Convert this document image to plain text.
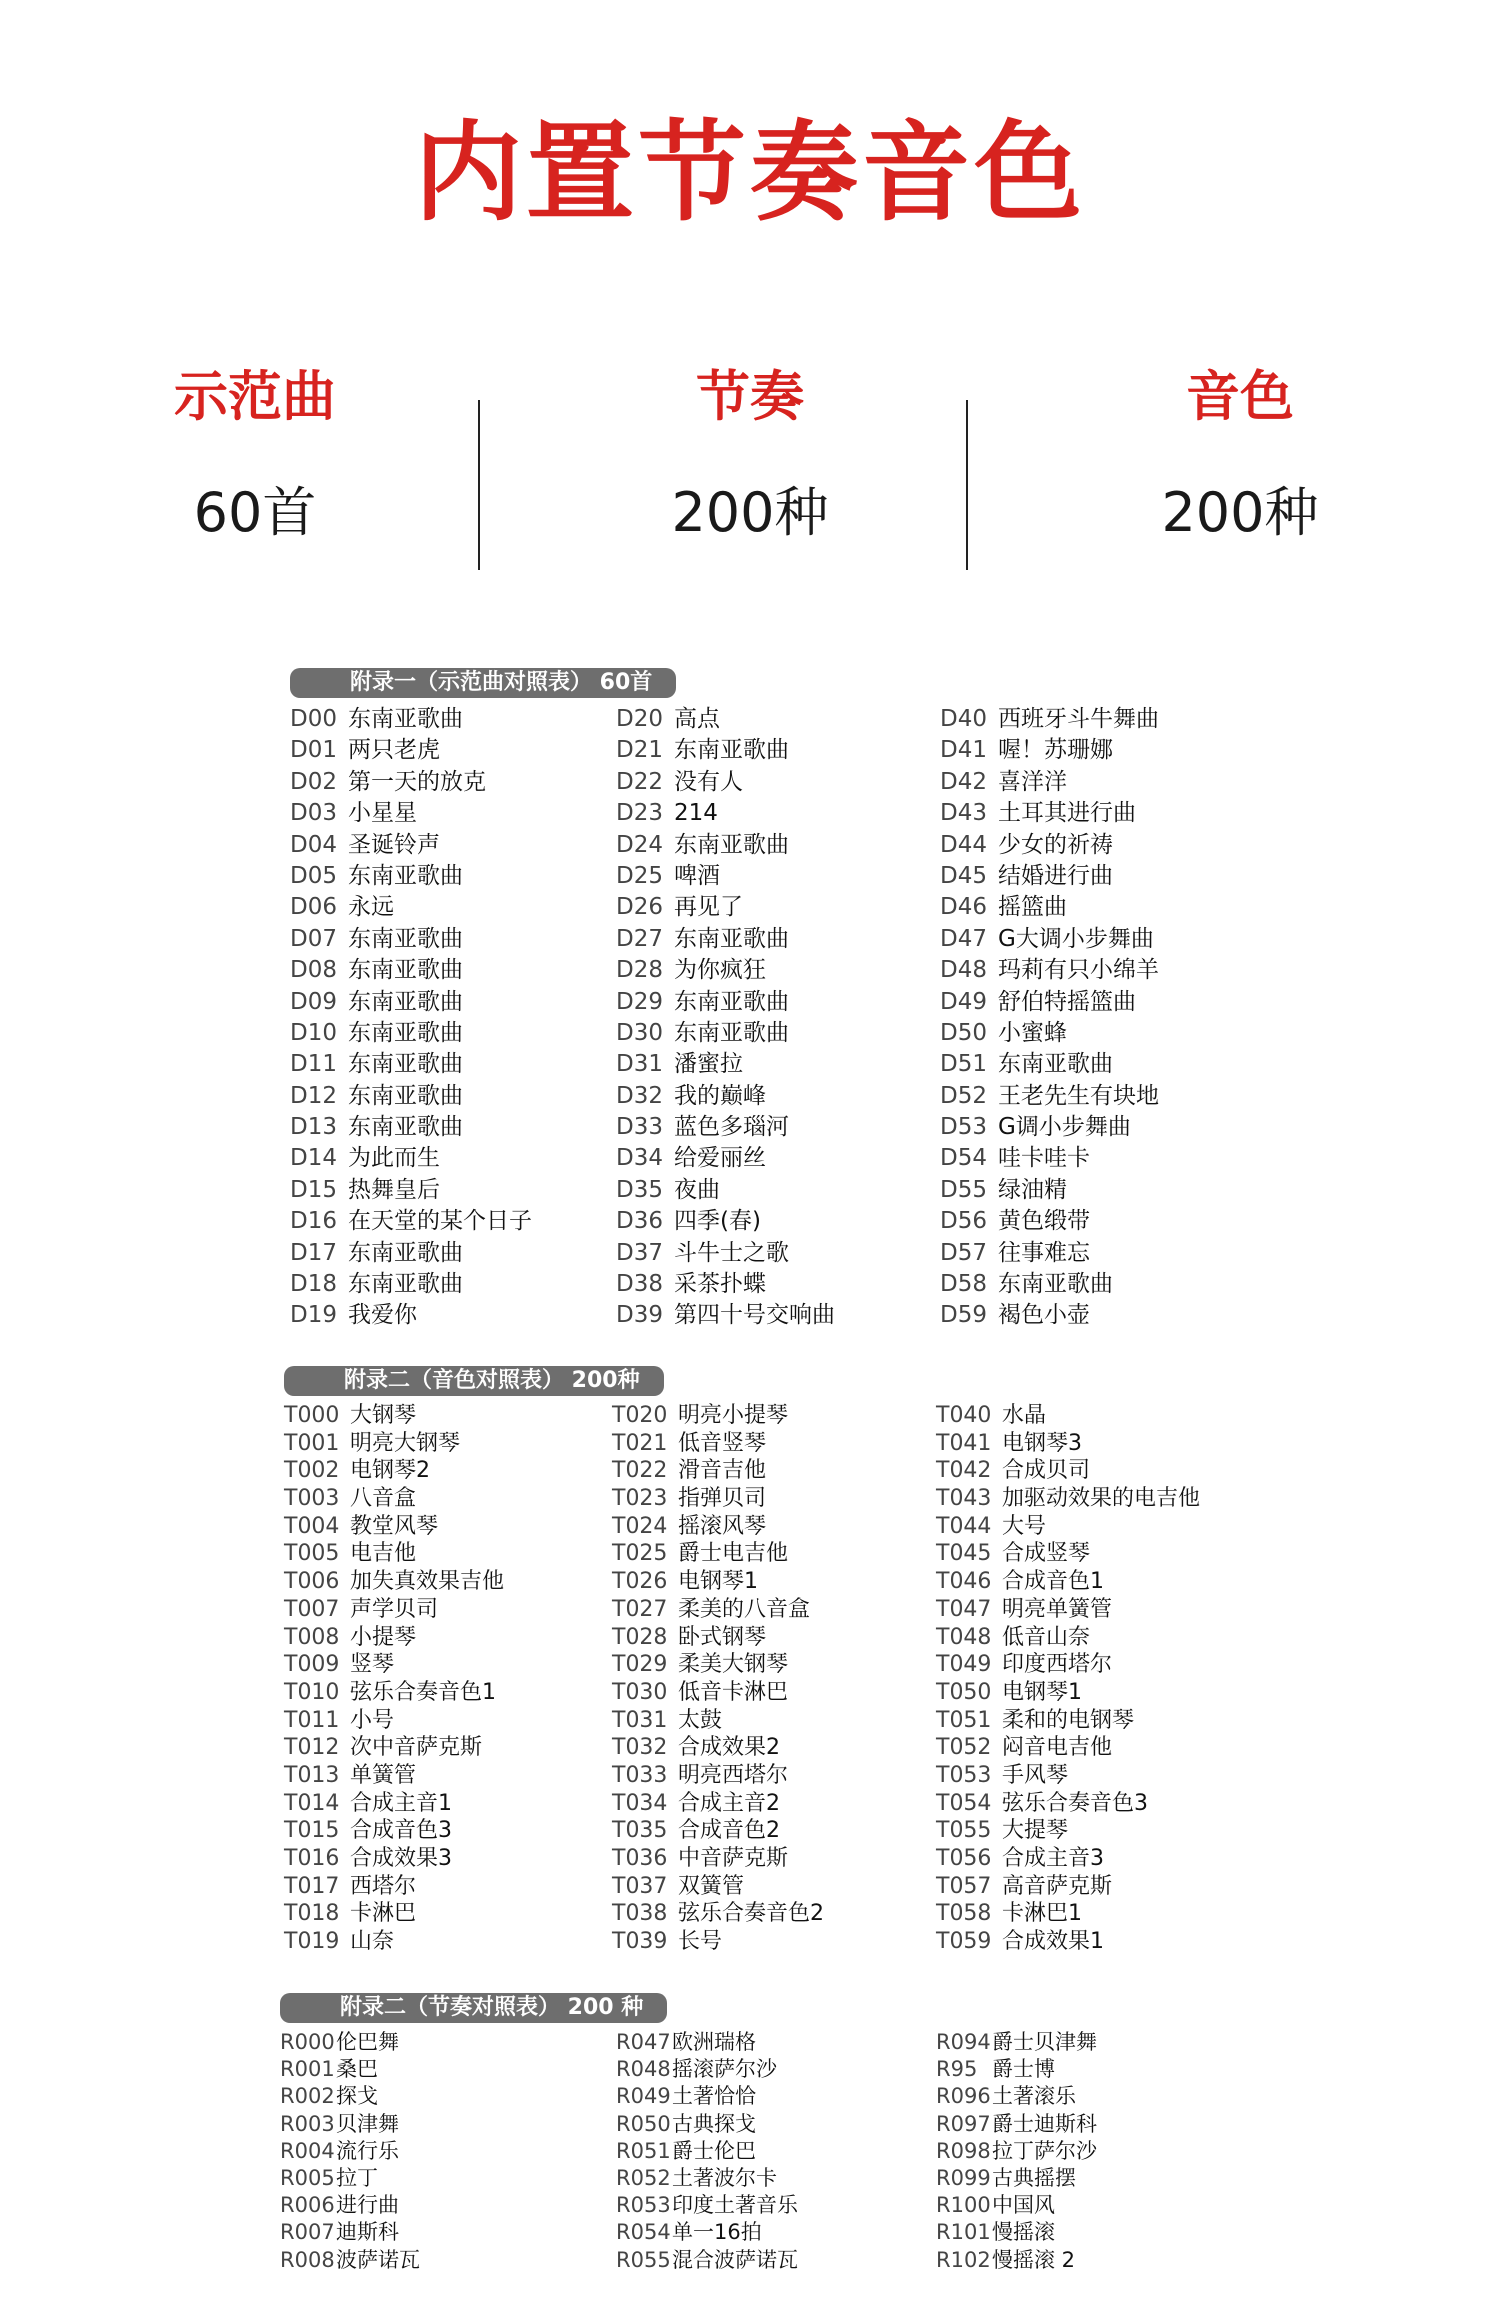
内置节奏音色
示范曲
60首
节奏
200种
音色
200种
附录一（示范曲对照表） 60首
D00 东南亚歌曲
D01 两只老虎
D02 第一天的放克
D03 小星星
D04 圣诞铃声
D05 东南亚歌曲
D06 永远
D07 东南亚歌曲
D08 东南亚歌曲
D09 东南亚歌曲
D10 东南亚歌曲
D11 东南亚歌曲
D12 东南亚歌曲
D13 东南亚歌曲
D14 为此而生
D15 热舞皇后
D16 在天堂的某个日子
D17 东南亚歌曲
D18 东南亚歌曲
D19 我爱你
D20 高点
D21 东南亚歌曲
D22 没有人
D23 214
D24 东南亚歌曲
D25 啤酒
D26 再见了
D27 东南亚歌曲
D28 为你疯狂
D29 东南亚歌曲
D30 东南亚歌曲
D31 潘蜜拉
D32 我的巅峰
D33 蓝色多瑙河
D34 给爱丽丝
D35 夜曲
D36 四季(春)
D37 斗牛士之歌
D38 采茶扑蝶
D39 第四十号交响曲
D40 西班牙斗牛舞曲
D41 喔！苏珊娜
D42 喜洋洋
D43 土耳其进行曲
D44 少女的祈祷
D45 结婚进行曲
D46 摇篮曲
D47 G大调小步舞曲
D48 玛莉有只小绵羊
D49 舒伯特摇篮曲
D50 小蜜蜂
D51 东南亚歌曲
D52 王老先生有块地
D53 G调小步舞曲
D54 哇卡哇卡
D55 绿油精
D56 黄色缎带
D57 往事难忘
D58 东南亚歌曲
D59 褐色小壶
附录二（音色对照表） 200种
T000 大钢琴
T001 明亮大钢琴
T002 电钢琴2
T003 八音盒
T004 教堂风琴
T005 电吉他
T006 加失真效果吉他
T007 声学贝司
T008 小提琴
T009 竖琴
T010 弦乐合奏音色1
T011 小号
T012 次中音萨克斯
T013 单簧管
T014 合成主音1
T015 合成音色3
T016 合成效果3
T017 西塔尔
T018 卡淋巴
T019 山奈
T020 明亮小提琴
T021 低音竖琴
T022 滑音吉他
T023 指弹贝司
T024 摇滚风琴
T025 爵士电吉他
T026 电钢琴1
T027 柔美的八音盒
T028 卧式钢琴
T029 柔美大钢琴
T030 低音卡淋巴
T031 太鼓
T032 合成效果2
T033 明亮西塔尔
T034 合成主音2
T035 合成音色2
T036 中音萨克斯
T037 双簧管
T038 弦乐合奏音色2
T039 长号
T040 水晶
T041 电钢琴3
T042 合成贝司
T043 加驱动效果的电吉他
T044 大号
T045 合成竖琴
T046 合成音色1
T047 明亮单簧管
T048 低音山奈
T049 印度西塔尔
T050 电钢琴1
T051 柔和的电钢琴
T052 闷音电吉他
T053 手风琴
T054 弦乐合奏音色3
T055 大提琴
T056 合成主音3
T057 高音萨克斯
T058 卡淋巴1
T059 合成效果1
附录二（节奏对照表） 200 种
R000伦巴舞
R001桑巴
R002探戈
R003贝津舞
R004流行乐
R005拉丁
R006进行曲
R007迪斯科
R008波萨诺瓦
R047欧洲瑞格
R048摇滚萨尔沙
R049土著恰恰
R050古典探戈
R051爵士伦巴
R052土著波尔卡
R053印度土著音乐
R054单一16拍
R055混合波萨诺瓦
R094爵士贝津舞
R95 爵士博
R096土著滚乐
R097爵士迪斯科
R098拉丁萨尔沙
R099古典摇摆
R100中国风
R101慢摇滚
R102慢摇滚 2
